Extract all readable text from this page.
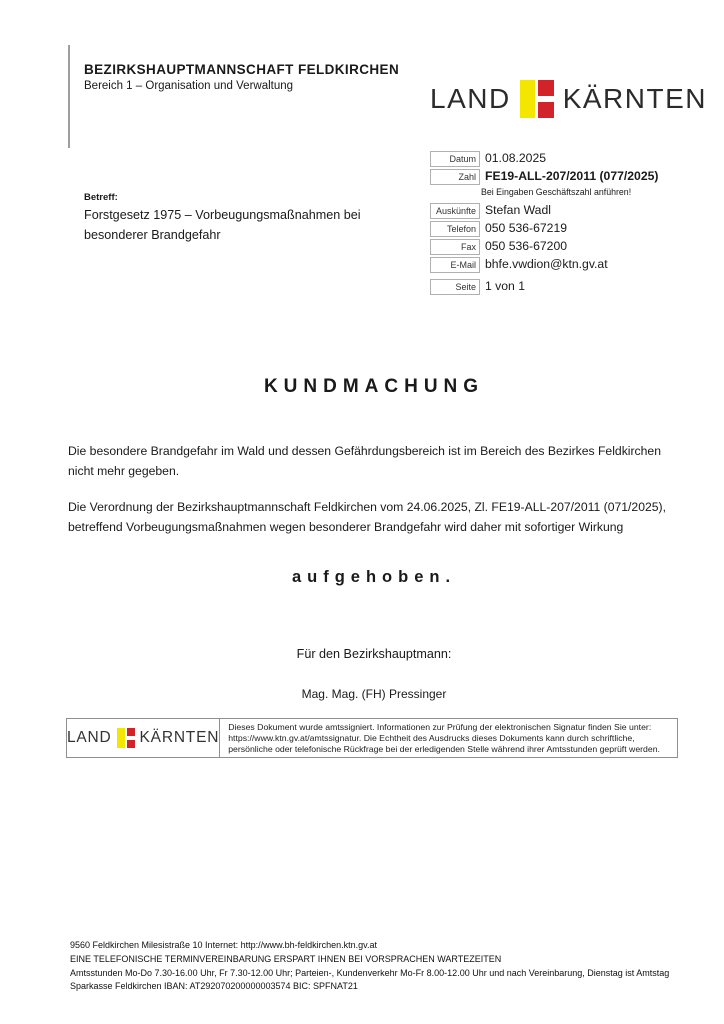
BEZIRKSHAUPTMANNSCHAFT FELDKIRCHEN
Bereich 1 – Organisation und Verwaltung	LAND KÄRNTEN
Datum 01.08.2025
Zahl FE19-ALL-207/2011 (077/2025)
Bei Eingaben Geschäftszahl anführen!
Auskünfte Stefan Wadl
Telefon 050 536-67219
Fax 050 536-67200
E-Mail bhfe.vwdion@ktn.gv.at
Seite 1 von 1
Betreff:
Forstgesetz 1975 – Vorbeugungsmaßnahmen bei besonderer Brandgefahr
KUNDMACHUNG
Die besondere Brandgefahr im Wald und dessen Gefährdungsbereich ist im Bereich des Bezirkes Feldkirchen nicht mehr gegeben.
Die Verordnung der Bezirkshauptmannschaft Feldkirchen vom 24.06.2025, Zl. FE19-ALL-207/2011 (071/2025), betreffend Vorbeugungsmaßnahmen wegen besonderer Brandgefahr wird daher mit sofortiger Wirkung
aufgehoben.
Für den Bezirkshauptmann:
Mag. Mag. (FH) Pressinger
LAND KÄRNTEN
Dieses Dokument wurde amtssigniert. Informationen zur Prüfung der elektronischen Signatur finden Sie unter: https://www.ktn.gv.at/amtssignatur. Die Echtheit des Ausdrucks dieses Dokuments kann durch schriftliche, persönliche oder telefonische Rückfrage bei der erledigenden Stelle während ihrer Amtsstunden geprüft werden.
9560 Feldkirchen Milesistraße 10 Internet: http://www.bh-feldkirchen.ktn.gv.at
EINE TELEFONISCHE TERMINVEREINBARUNG ERSPART IHNEN BEI VORSPRACHEN WARTEZEITEN
Amtsstunden Mo-Do 7.30-16.00 Uhr, Fr 7.30-12.00 Uhr; Parteien-, Kundenverkehr Mo-Fr 8.00-12.00 Uhr und nach Vereinbarung, Dienstag ist Amtstag
Sparkasse Feldkirchen IBAN: AT292070200000003574 BIC: SPFNAT21
